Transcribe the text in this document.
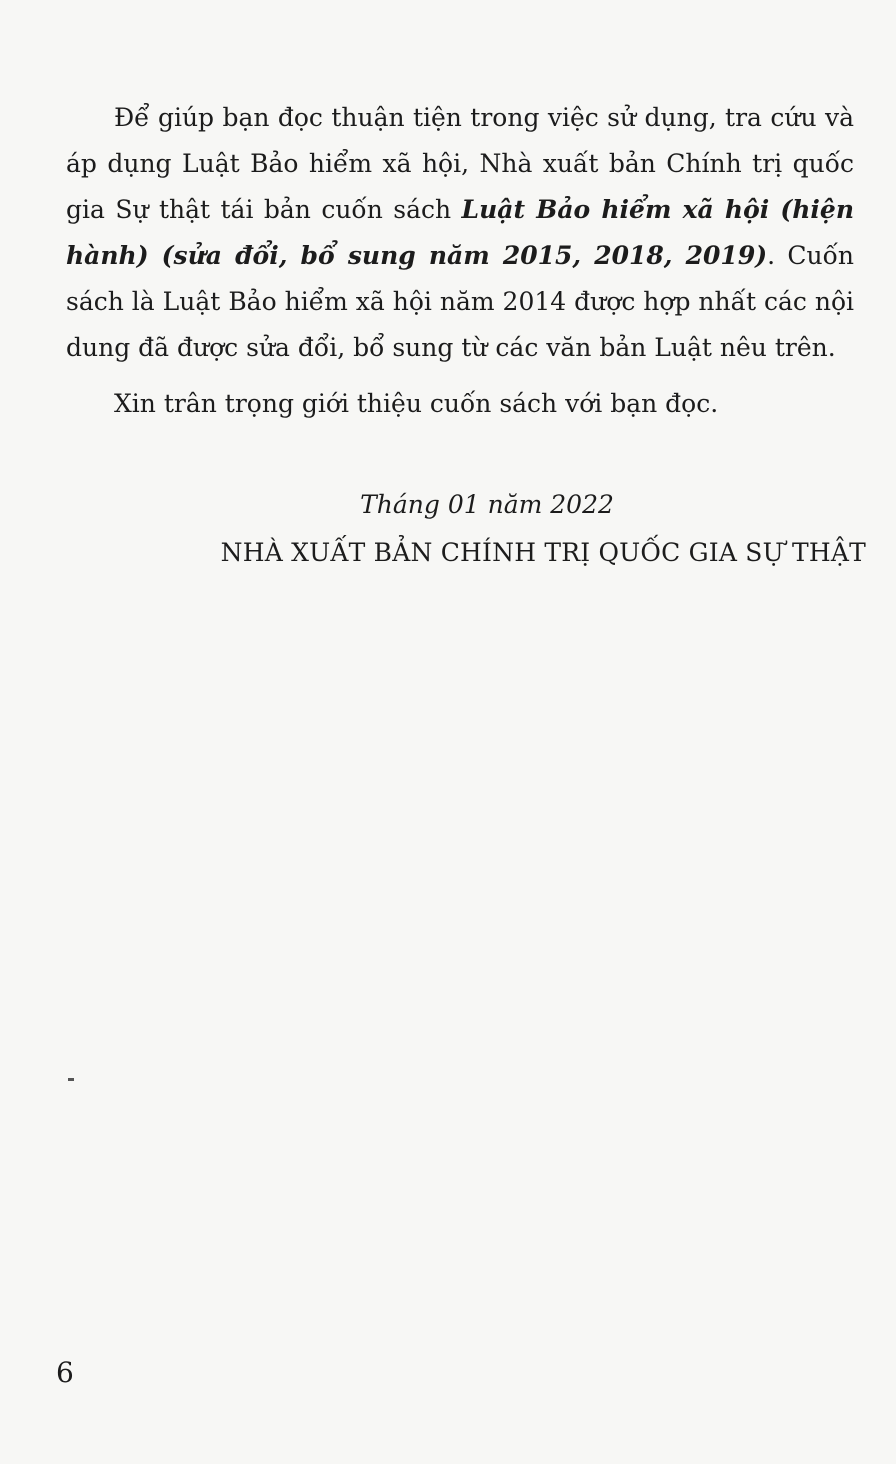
Để giúp bạn đọc thuận tiện trong việc sử dụng, tra cứu và áp dụng Luật Bảo hiểm xã hội, Nhà xuất bản Chính trị quốc gia Sự thật tái bản cuốn sách Luật Bảo hiểm xã hội (hiện hành) (sửa đổi, bổ sung năm 2015, 2018, 2019). Cuốn sách là Luật Bảo hiểm xã hội năm 2014 được hợp nhất các nội dung đã được sửa đổi, bổ sung từ các văn bản Luật nêu trên.

Xin trân trọng giới thiệu cuốn sách với bạn đọc.

Tháng 01 năm 2022
NHÀ XUẤT BẢN CHÍNH TRỊ QUỐC GIA SỰ THẬT
6
